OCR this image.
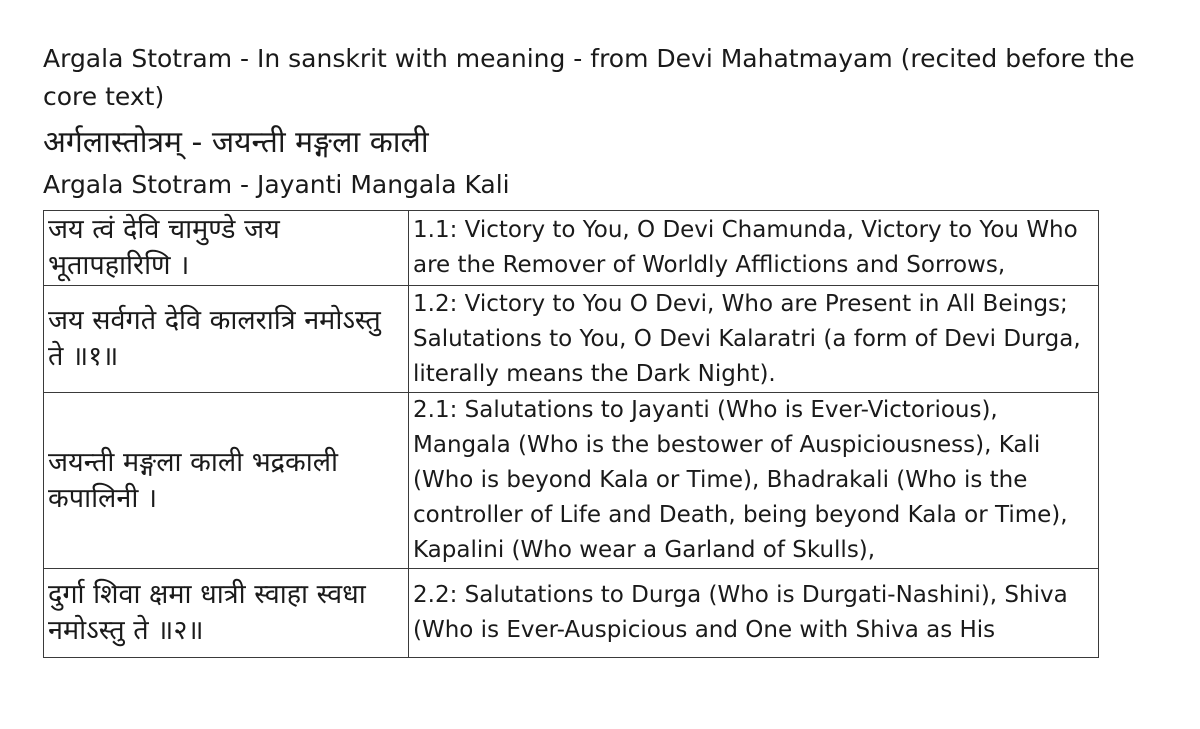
Argala Stotram - In sanskrit with meaning - from Devi Mahatmayam (recited before the core text)
अर्गलास्तोत्रम् - जयन्ती मङ्गला काली
Argala Stotram - Jayanti Mangala Kali
जय त्वं देवि चामुण्डे जय भूतापहारिणि ।	1.1: Victory to You, O Devi Chamunda, Victory to You Who are the Remover of Worldly Afflictions and Sorrows,
जय सर्वगते देवि कालरात्रि नमोऽस्तु ते ॥१॥	1.2: Victory to You O Devi, Who are Present in All Beings; Salutations to You, O Devi Kalaratri (a form of Devi Durga, literally means the Dark Night).
जयन्ती मङ्गला काली भद्रकाली कपालिनी ।	2.1: Salutations to Jayanti (Who is Ever-Victorious), Mangala (Who is the bestower of Auspiciousness), Kali (Who is beyond Kala or Time), Bhadrakali (Who is the controller of Life and Death, being beyond Kala or Time), Kapalini (Who wear a Garland of Skulls),
दुर्गा शिवा क्षमा धात्री स्वाहा स्वधा नमोऽस्तु ते ॥२॥	2.2: Salutations to Durga (Who is Durgati-Nashini), Shiva (Who is Ever-Auspicious and One with Shiva as His
